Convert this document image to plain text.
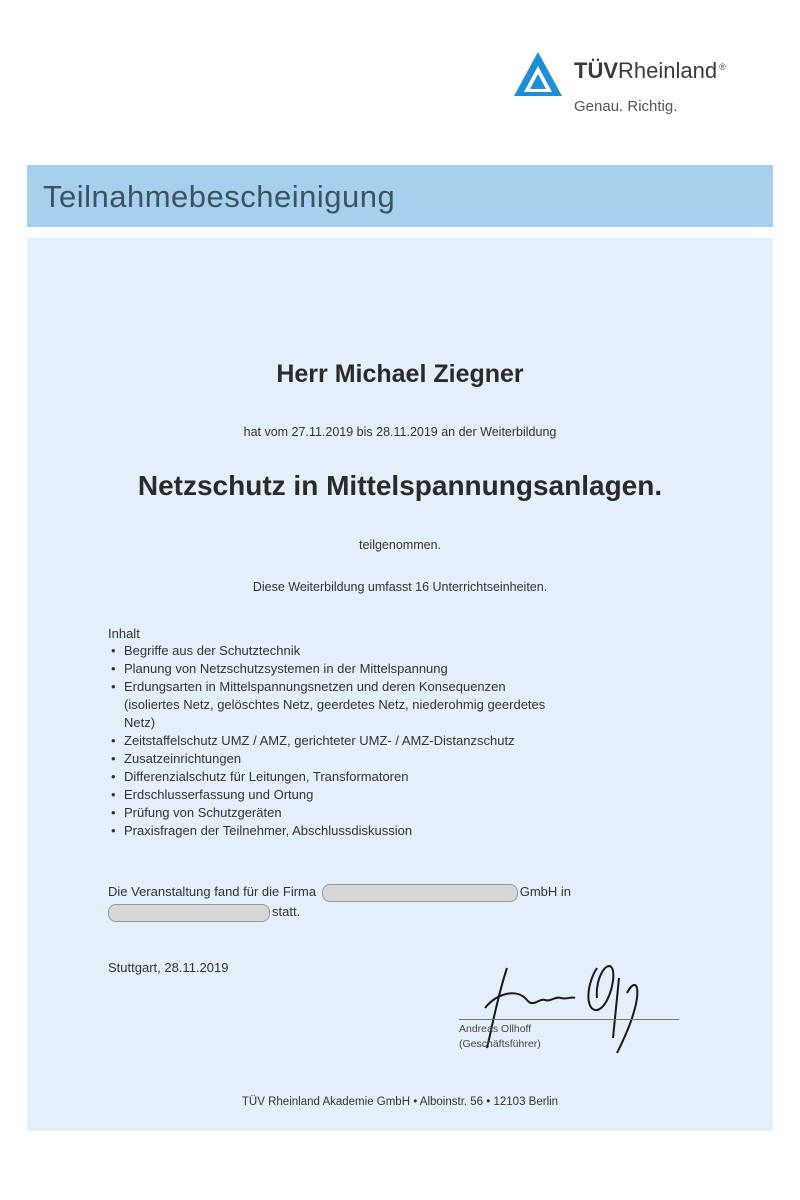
TÜVRheinland ®
Genau. Richtig.
Teilnahmebescheinigung
Herr Michael Ziegner
hat vom 27.11.2019 bis 28.11.2019 an der Weiterbildung
Netzschutz in Mittelspannungsanlagen.
teilgenommen.
Diese Weiterbildung umfasst 16 Unterrichtseinheiten.
Inhalt
• Begriffe aus der Schutztechnik
• Planung von Netzschutzsystemen in der Mittelspannung
• Erdungsarten in Mittelspannungsnetzen und deren Konsequenzen (isoliertes Netz, gelöschtes Netz, geerdetes Netz, niederohmig geerdetes Netz)
• Zeitstaffelschutz UMZ / AMZ, gerichteter UMZ- / AMZ-Distanzschutz
• Zusatzeinrichtungen
• Differenzialschutz für Leitungen, Transformatoren
• Erdschlusserfassung und Ortung
• Prüfung von Schutzgeräten
• Praxisfragen der Teilnehmer, Abschlussdiskussion
Die Veranstaltung fand für die Firma	GmbH in
statt.
Stuttgart, 28.11.2019
Andreas Ollhoff
(Geschäftsführer)
TÜV Rheinland Akademie GmbH • Alboinstr. 56 • 12103 Berlin
